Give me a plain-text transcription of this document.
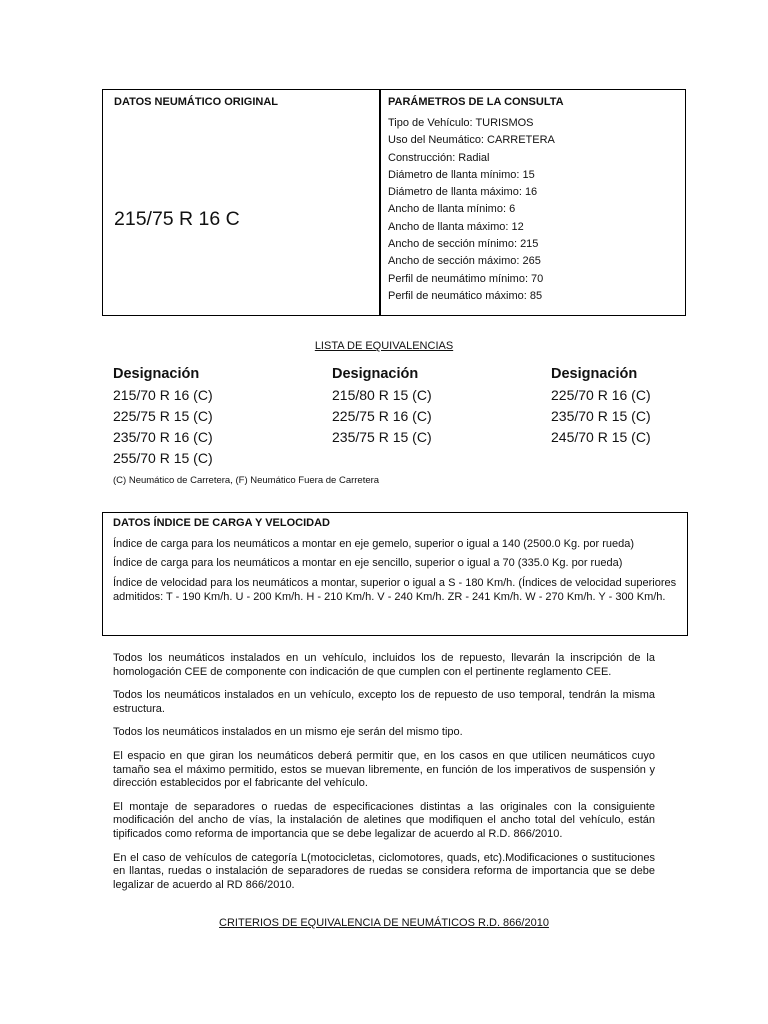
DATOS NEUMÁTICO ORIGINAL
215/75 R 16 C
PARÁMETROS DE LA CONSULTA
Tipo de Vehículo: TURISMOS
Uso del Neumático: CARRETERA
Construcción: Radial
Diámetro de llanta mínimo: 15
Diámetro de llanta máximo: 16
Ancho de llanta mínimo: 6
Ancho de llanta máximo: 12
Ancho de sección mínimo: 215
Ancho de sección máximo: 265
Perfil de neumátimo mínimo: 70
Perfil de neumático máximo: 85
LISTA DE EQUIVALENCIAS
Designación
215/70 R 16 (C)
225/75 R 15 (C)
235/70 R 16 (C)
255/70 R 15 (C)
Designación
215/80 R 15 (C)
225/75 R 16 (C)
235/75 R 15 (C)
Designación
225/70 R 16 (C)
235/70 R 15 (C)
245/70 R 15 (C)
(C) Neumático de Carretera, (F) Neumático Fuera de Carretera
DATOS ÍNDICE DE CARGA Y VELOCIDAD
Índice de carga para los neumáticos a montar en eje gemelo, superior o igual a 140 (2500.0 Kg. por rueda)
Índice de carga para los neumáticos a montar en eje sencillo, superior o igual a 70 (335.0 Kg. por rueda)
Índice de velocidad para los neumáticos a montar, superior o igual a S - 180 Km/h. (Índices de velocidad superiores admitidos: T - 190 Km/h. U - 200 Km/h. H - 210 Km/h. V - 240 Km/h. ZR - 241 Km/h. W - 270 Km/h. Y - 300 Km/h.

Todos los neumáticos instalados en un vehículo, incluidos los de repuesto, llevarán la inscripción de la homologación CEE de componente con indicación de que cumplen con el pertinente reglamento CEE.

Todos los neumáticos instalados en un vehículo, excepto los de repuesto de uso temporal, tendrán la misma estructura.

Todos los neumáticos instalados en un mismo eje serán del mismo tipo.

El espacio en que giran los neumáticos deberá permitir que, en los casos en que utilicen neumáticos cuyo tamaño sea el máximo permitido, estos se muevan libremente, en función de los imperativos de suspensión y dirección establecidos por el fabricante del vehículo.

El montaje de separadores o ruedas de especificaciones distintas a las originales con la consiguiente modificación del ancho de vías, la instalación de aletines que modifiquen el ancho total del vehículo, están tipificados como reforma de importancia que se debe legalizar de acuerdo al R.D. 866/2010.

En el caso de vehículos de categoría L(motocicletas, ciclomotores, quads, etc).Modificaciones o sustituciones en llantas, ruedas o instalación de separadores de ruedas se considera reforma de importancia que se debe legalizar de acuerdo al RD 866/2010.

CRITERIOS DE EQUIVALENCIA DE NEUMÁTICOS R.D. 866/2010
